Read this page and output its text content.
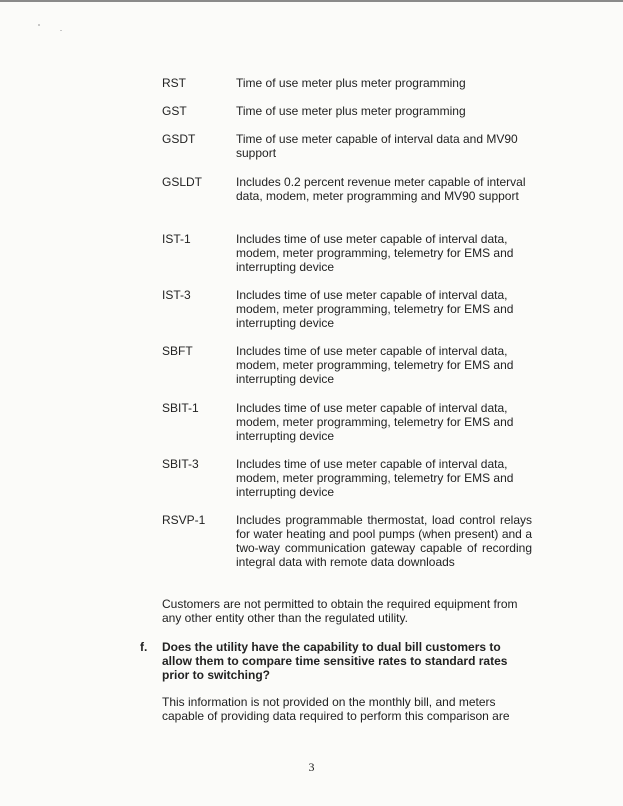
RST	Time of use meter plus meter programming
GST	Time of use meter plus meter programming
GSDT	Time of use meter capable of interval data and MV90 support
GSLDT	Includes 0.2 percent revenue meter capable of interval data, modem, meter programming and MV90 support
IST-1	Includes time of use meter capable of interval data, modem, meter programming, telemetry for EMS and interrupting device
IST-3	Includes time of use meter capable of interval data, modem, meter programming, telemetry for EMS and interrupting device
SBFT	Includes time of use meter capable of interval data, modem, meter programming, telemetry for EMS and interrupting device
SBIT-1	Includes time of use meter capable of interval data, modem, meter programming, telemetry for EMS and interrupting device
SBIT-3	Includes time of use meter capable of interval data, modem, meter programming, telemetry for EMS and interrupting device
RSVP-1	Includes programmable thermostat, load control relays for water heating and pool pumps (when present) and a two-way communication gateway capable of recording integral data with remote data downloads

Customers are not permitted to obtain the required equipment from any other entity other than the regulated utility.

f. Does the utility have the capability to dual bill customers to allow them to compare time sensitive rates to standard rates prior to switching?

This information is not provided on the monthly bill, and meters capable of providing data required to perform this comparison are

3
